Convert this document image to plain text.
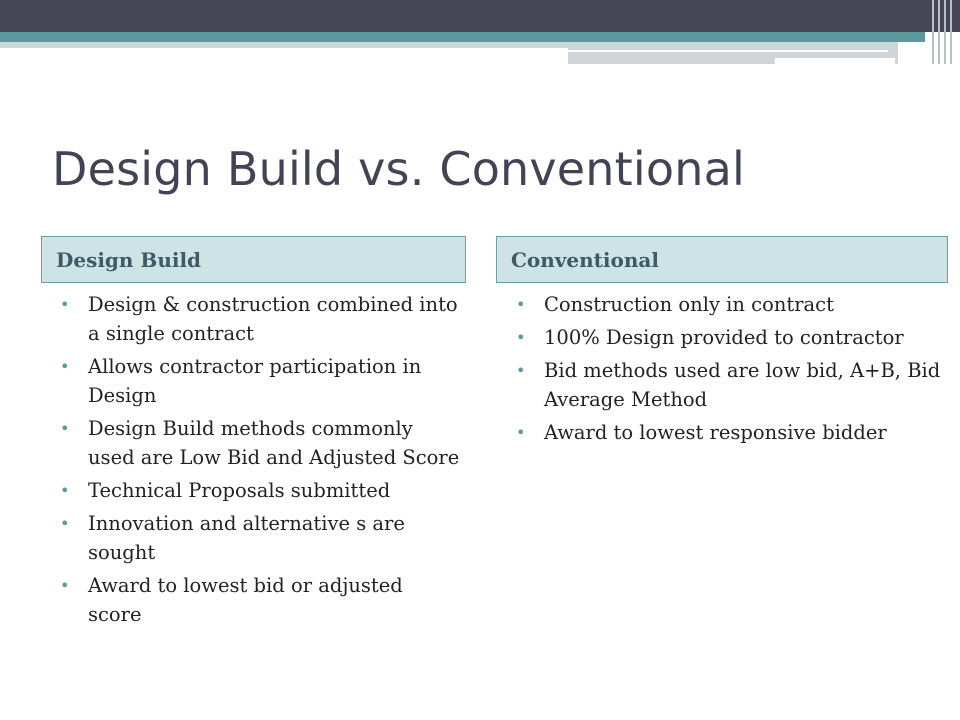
Design Build vs. Conventional
Design Build	Conventional
• Design & construction combined into a single contract
• Allows contractor participation in Design
• Design Build methods commonly used are Low Bid and Adjusted Score
• Technical Proposals submitted
• Innovation and alternative s are sought
• Award to lowest bid or adjusted score
• Construction only in contract
• 100% Design provided to contractor
• Bid methods used are low bid, A+B, Bid Average Method
• Award to lowest responsive bidder
